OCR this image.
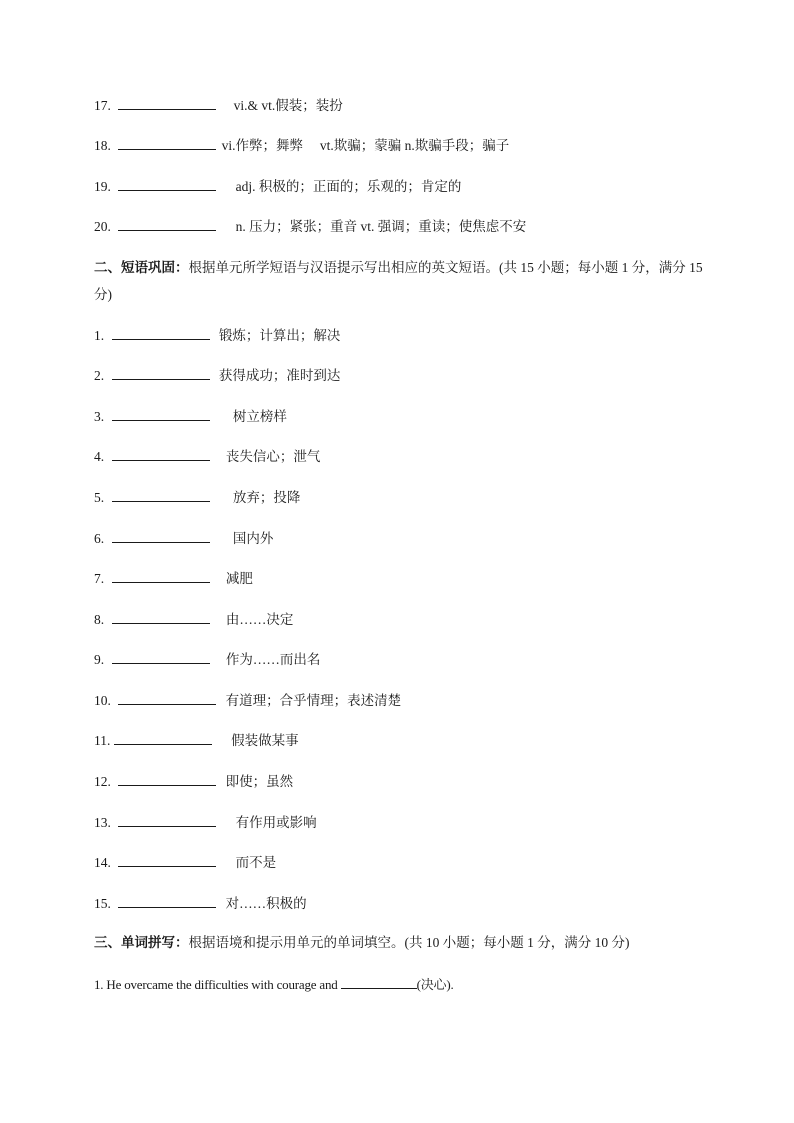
17.	vi.& vt.假装；装扮
18.	vi.作弊；舞弊 　vt.欺骗；蒙骗 n.欺骗手段；骗子
19.	adj. 积极的；正面的；乐观的；肯定的
20.	n. 压力；紧张；重音 vt. 强调；重读；使焦虑不安
二、短语巩固：根据单元所学短语与汉语提示写出相应的英文短语。(共 15 小题；每小题 1 分，满分 15 分)
1.	锻炼；计算出；解决
2.	获得成功；准时到达
3.	树立榜样
4.	丧失信心；泄气
5.	放弃；投降
6.	国内外
7.	减肥
8.	由……决定
9.	作为……而出名
10.	有道理；合乎情理；表述清楚
11.	假装做某事
12.	即使；虽然
13.	有作用或影响
14.	而不是
15.	对……积极的
三、单词拼写：根据语境和提示用单元的单词填空。(共 10 小题；每小题 1 分，满分 10 分)
1. He overcame the difficulties with courage and	(决心).
